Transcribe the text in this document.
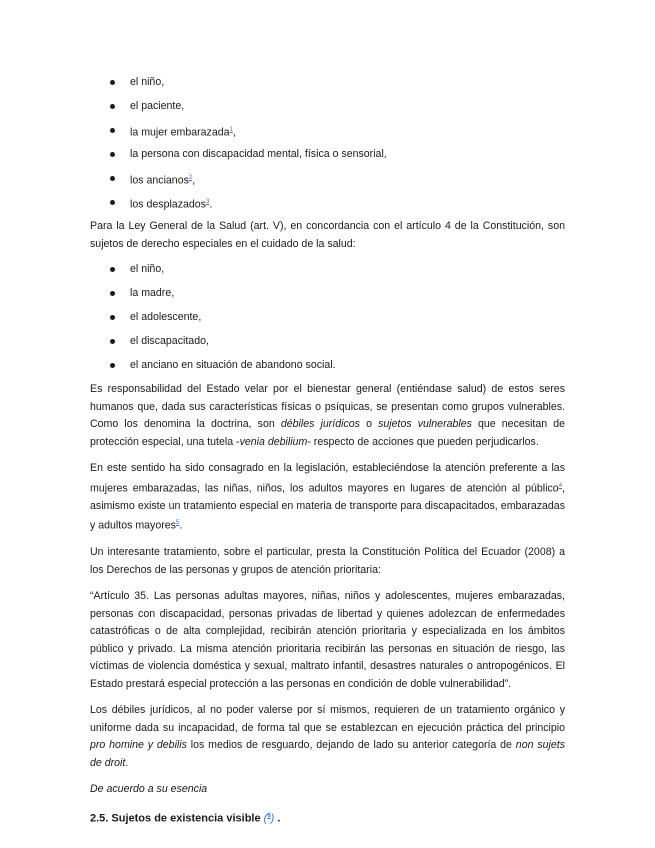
el niño,
el paciente,
la mujer embarazada$^1$,
la persona con discapacidad mental, física o sensorial,
los ancianos$^2$,
los desplazados$^3$.

Para la Ley General de la Salud (art. V), en concordancia con el artículo 4 de la Constitución, son sujetos de derecho especiales en el cuidado de la salud:

el niño,
la madre,
el adolescente,
el discapacitado,
el anciano en situación de abandono social.

Es responsabilidad del Estado velar por el bienestar general (entiéndase salud) de estos seres humanos que, dada sus características físicas o psíquicas, se presentan como grupos vulnerables. Como los denomina la doctrina, son débiles jurídicos o sujetos vulnerables que necesitan de protección especial, una tutela -venia debilium- respecto de acciones que pueden perjudicarlos.

En este sentido ha sido consagrado en la legislación, estableciéndose la atención preferente a las mujeres embarazadas, las niñas, niños, los adultos mayores en lugares de atención al público$^4$, asimismo existe un tratamiento especial en materia de transporte para discapacitados, embarazadas y adultos mayores$^5$.

Un interesante tratamiento, sobre el particular, presta la Constitución Política del Ecuador (2008) a los Derechos de las personas y grupos de atención prioritaria:

“Artículo 35. Las personas adultas mayores, niñas, niños y adolescentes, mujeres embarazadas, personas con discapacidad, personas privadas de libertad y quienes adolezcan de enfermedades catastróficas o de alta complejidad, recibirán atención prioritaria y especializada en los ámbitos público y privado. La misma atención prioritaria recibirán las personas en situación de riesgo, las víctimas de violencia doméstica y sexual, maltrato infantil, desastres naturales o antropogénicos. El Estado prestará especial protección a las personas en condición de doble vulnerabilidad”.

Los débiles jurídicos, al no poder valerse por sí mismos, requieren de un tratamiento orgánico y uniforme dada su incapacidad, de forma tal que se establezcan en ejecución práctica del principio pro homine y debilis los medios de resguardo, dejando de lado su anterior categoría de non sujets de droit.

De acuerdo a su esencia

2.5. Sujetos de existencia visible ($^6$) .
